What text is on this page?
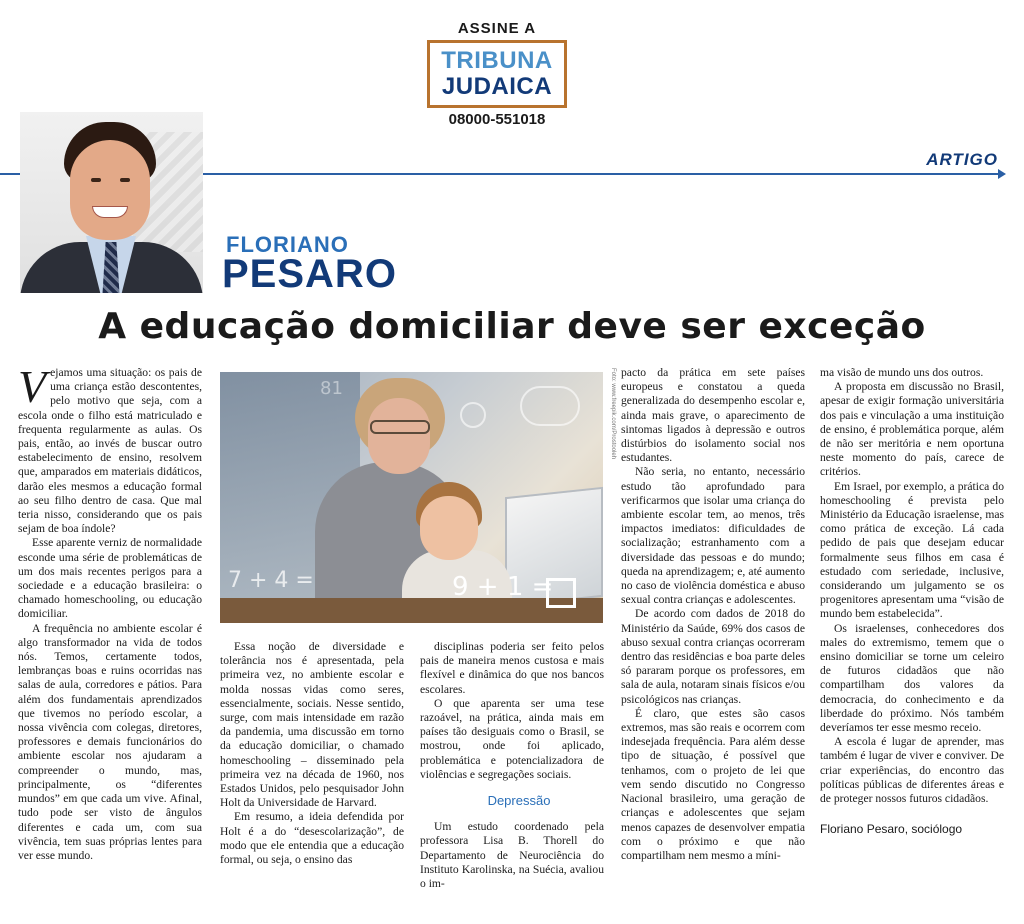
ASSINE A
TRIBUNA
JUDAICA
08000-551018
ARTIGO
FLORIANO
PESARO
A educação domiciliar deve ser exceção

Vejamos uma situação: os pais de uma criança estão descontentes, pelo motivo que seja, com a escola onde o filho está matriculado e frequenta regularmente as aulas. Os pais, então, ao invés de buscar outro estabelecimento de ensino, resolvem que, amparados em materiais didáticos, darão eles mesmos a educação formal ao seu filho dentro de casa. Que mal teria nisso, considerando que os pais sejam de boa índole?

Esse aparente verniz de normalidade esconde uma série de problemáticas de um dos mais recentes perigos para a sociedade e a educação brasileira: o chamado homeschooling, ou educação domiciliar.

A frequência no ambiente escolar é algo transformador na vida de todos nós. Temos, certamente todos, lembranças boas e ruins ocorridas nas salas de aula, corredores e pátios. Para além dos fundamentais aprendizados que tivemos no período escolar, a nossa vivência com colegas, diretores, professores e demais funcionários do ambiente escolar nos ajudaram a compreender o mundo, mas, principalmente, os “diferentes mundos” em que cada um vive. Afinal, tudo pode ser visto de ângulos diferentes e cada um, com sua vivência, tem suas próprias lentes para ver esse mundo.

81
7 + 4 =	9 + 1 =
Foto: www.freepik.com/Prostooleh

Essa noção de diversidade e tolerância nos é apresentada, pela primeira vez, no ambiente escolar e molda nossas vidas como seres, essencialmente, sociais. Nesse sentido, surge, com mais intensidade em razão da pandemia, uma discussão em torno da educação domiciliar, o chamado homeschooling – disseminado pela primeira vez na década de 1960, nos Estados Unidos, pelo pesquisador John Holt da Universidade de Harvard.

Em resumo, a ideia defendida por Holt é a do “desescolarização”, de modo que ele entendia que a educação formal, ou seja, o ensino das

disciplinas poderia ser feito pelos pais de maneira menos custosa e mais flexível e dinâmica do que nos bancos escolares.

O que aparenta ser uma tese razoável, na prática, ainda mais em países tão desiguais como o Brasil, se mostrou, onde foi aplicado, problemática e potencializadora de violências e segregações sociais.

Depressão

Um estudo coordenado pela professora Lisa B. Thorell do Departamento de Neurociência do Instituto Karolinska, na Suécia, avaliou o im-

pacto da prática em sete países europeus e constatou a queda generalizada do desempenho escolar e, ainda mais grave, o aparecimento de sintomas ligados à depressão e outros distúrbios do isolamento social nos estudantes.

Não seria, no entanto, necessário estudo tão aprofundado para verificarmos que isolar uma criança do ambiente escolar tem, ao menos, três impactos imediatos: dificuldades de socialização; estranhamento com a diversidade das pessoas e do mundo; queda na aprendizagem; e, até aumento no caso de violência doméstica e abuso sexual contra crianças e adolescentes.

De acordo com dados de 2018 do Ministério da Saúde, 69% dos casos de abuso sexual contra crianças ocorreram dentro das residências e boa parte deles só pararam porque os professores, em sala de aula, notaram sinais físicos e/ou psicológicos nas crianças.

É claro, que estes são casos extremos, mas são reais e ocorrem com indesejada frequência. Para além desse tipo de situação, é possível que tenhamos, com o projeto de lei que vem sendo discutido no Congresso Nacional brasileiro, uma geração de crianças e adolescentes que sejam menos capazes de desenvolver empatia com o próximo e que não compartilham nem mesmo a míni-

ma visão de mundo uns dos outros.

A proposta em discussão no Brasil, apesar de exigir formação universitária dos pais e vinculação a uma instituição de ensino, é problemática porque, além de não ser meritória e nem oportuna neste momento do país, carece de critérios.

Em Israel, por exemplo, a prática do homeschooling é prevista pelo Ministério da Educação israelense, mas como prática de exceção. Lá cada pedido de pais que desejam educar formalmente seus filhos em casa é estudado com seriedade, inclusive, considerando um julgamento se os progenitores apresentam uma “visão de mundo bem estabelecida”.

Os israelenses, conhecedores dos males do extremismo, temem que o ensino domiciliar se torne um celeiro de futuros cidadãos que não compartilham dos valores da democracia, do conhecimento e da liberdade do próximo. Nós também deveríamos ter esse mesmo receio.

A escola é lugar de aprender, mas também é lugar de viver e conviver. De criar experiências, do encontro das políticas públicas de diferentes áreas e de proteger nossos futuros cidadãos.

Floriano Pesaro, sociólogo
